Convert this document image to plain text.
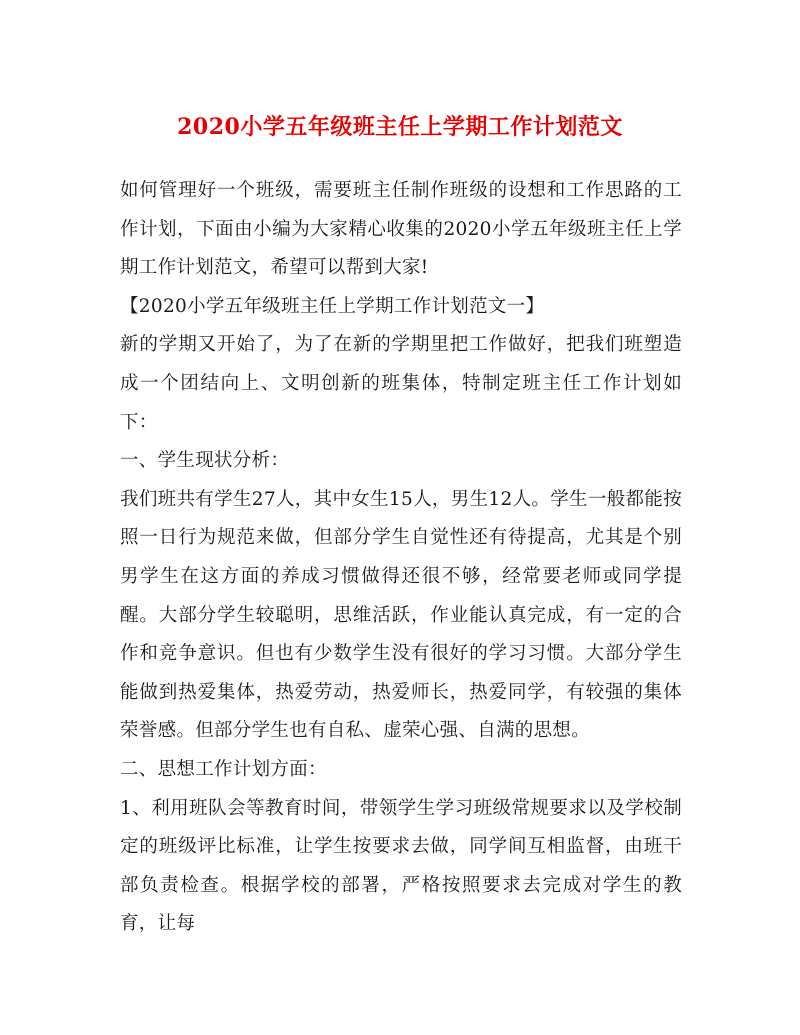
2020小学五年级班主任上学期工作计划范文

如何管理好一个班级，需要班主任制作班级的设想和工作思路的工作计划，下面由小编为大家精心收集的2020小学五年级班主任上学期工作计划范文，希望可以帮到大家!

【2020小学五年级班主任上学期工作计划范文一】

新的学期又开始了，为了在新的学期里把工作做好，把我们班塑造成一个团结向上、文明创新的班集体，特制定班主任工作计划如下：

一、学生现状分析：

我们班共有学生27人，其中女生15人，男生12人。学生一般都能按照一日行为规范来做，但部分学生自觉性还有待提高，尤其是个别男学生在这方面的养成习惯做得还很不够，经常要老师或同学提醒。大部分学生较聪明，思维活跃，作业能认真完成，有一定的合作和竞争意识。但也有少数学生没有很好的学习习惯。大部分学生能做到热爱集体，热爱劳动，热爱师长，热爱同学，有较强的集体荣誉感。但部分学生也有自私、虚荣心强、自满的思想。

二、思想工作计划方面：

1、利用班队会等教育时间，带领学生学习班级常规要求以及学校制定的班级评比标准，让学生按要求去做，同学间互相监督，由班干部负责检查。根据学校的部署，严格按照要求去完成对学生的教育，让每
